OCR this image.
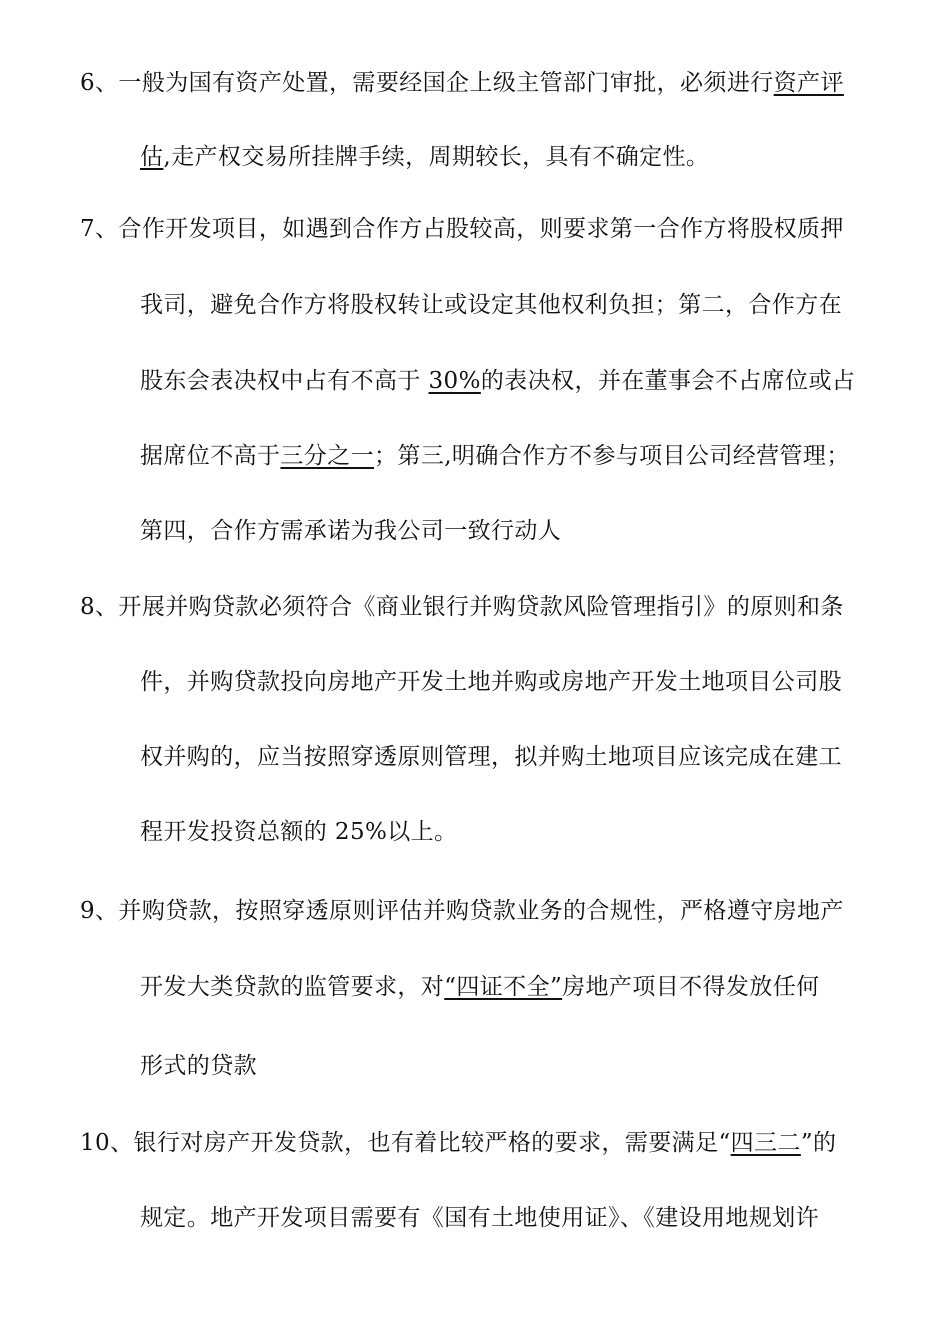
6、一般为国有资产处置，需要经国企上级主管部门审批，必须进行资产评
估,走产权交易所挂牌手续，周期较长，具有不确定性。
7、合作开发项目，如遇到合作方占股较高，则要求第一合作方将股权质押
我司，避免合作方将股权转让或设定其他权利负担；第二，合作方在
股东会表决权中占有不高于 30%的表决权，并在董事会不占席位或占
据席位不高于三分之一；第三,明确合作方不参与项目公司经营管理；
第四，合作方需承诺为我公司一致行动人
8、开展并购贷款必须符合《商业银行并购贷款风险管理指引》的原则和条
件，并购贷款投向房地产开发土地并购或房地产开发土地项目公司股
权并购的，应当按照穿透原则管理，拟并购土地项目应该完成在建工
程开发投资总额的 25%以上。
9、并购贷款，按照穿透原则评估并购贷款业务的合规性，严格遵守房地产
开发大类贷款的监管要求，对“四证不全”房地产项目不得发放任何
形式的贷款
10、银行对房产开发贷款，也有着比较严格的要求，需要满足“四三二”的
规定。地产开发项目需要有《国有土地使用证》、《建设用地规划许
